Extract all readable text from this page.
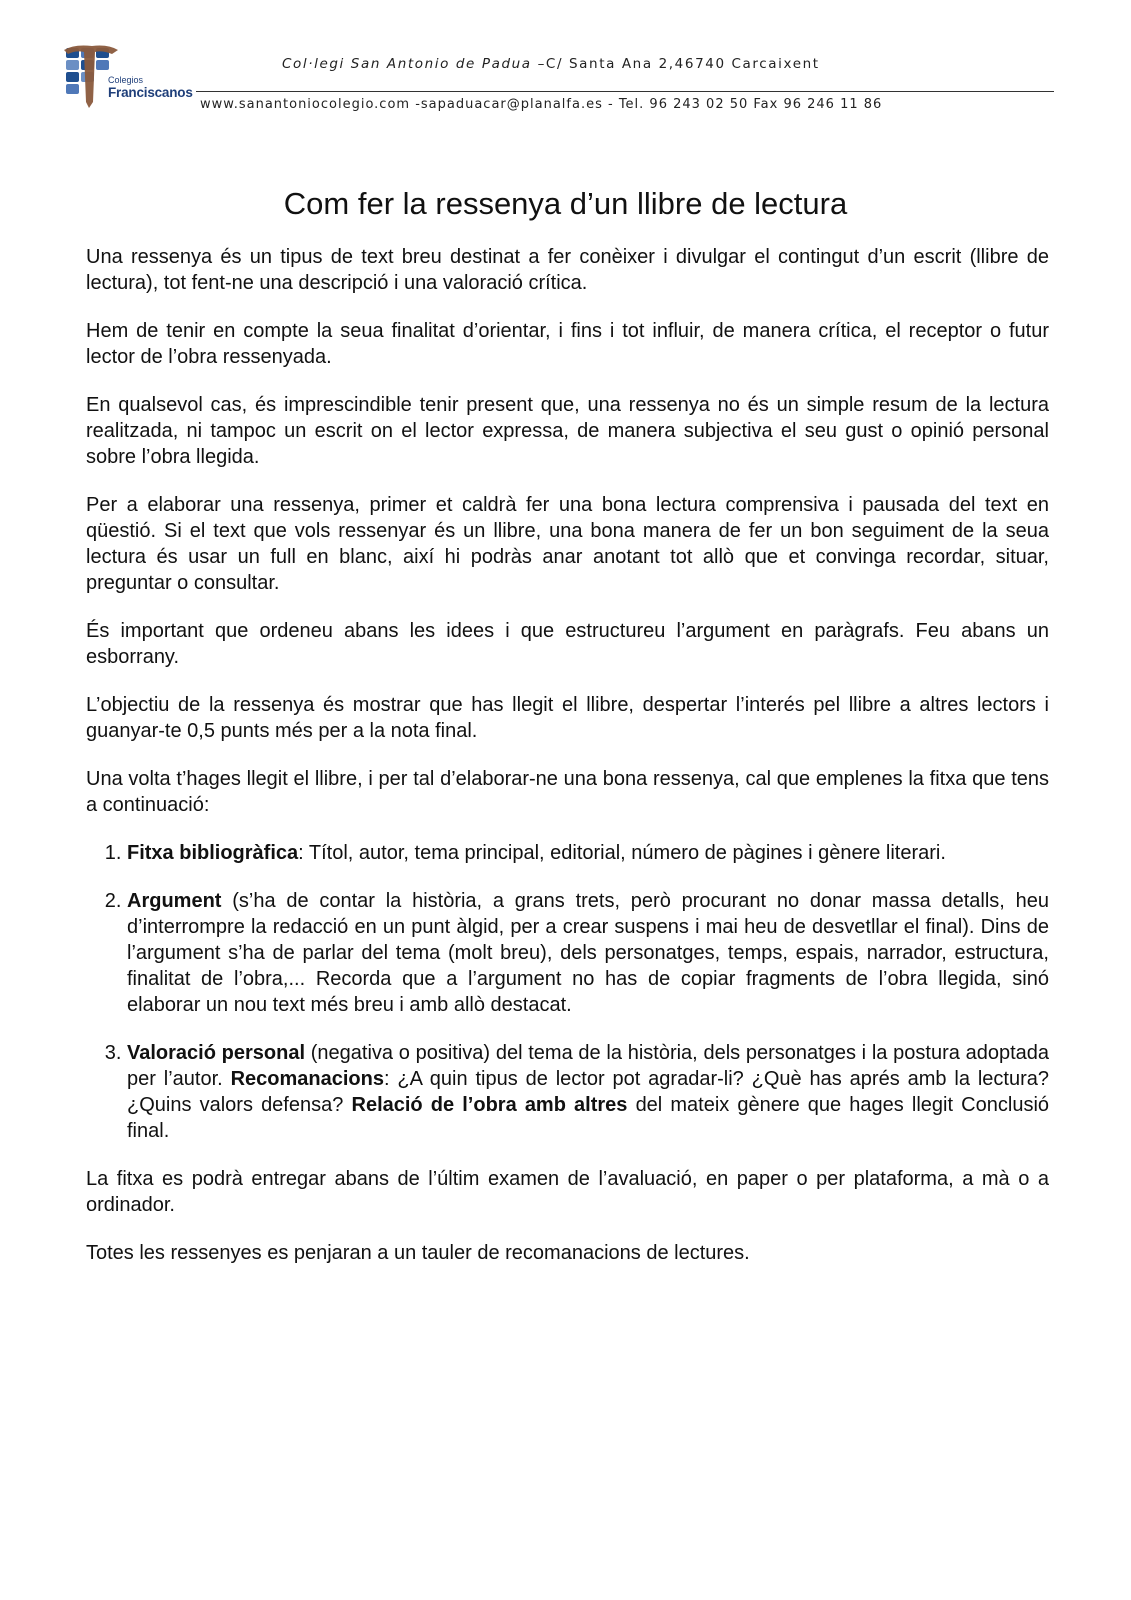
Colegios
Franciscanos
Col·legi San Antonio de Padua –C/ Santa Ana 2,46740 Carcaixent
www.sanantoniocolegio.com -sapaduacar@planalfa.es - Tel. 96 243 02 50 Fax 96 246 11 86
Com fer la ressenya d’un llibre de lectura

Una ressenya és un tipus de text breu destinat a fer conèixer i divulgar el contingut d’un escrit (llibre de lectura), tot fent-ne una descripció i una valoració crítica.

Hem de tenir en compte la seua finalitat d’orientar, i fins i tot influir, de manera crítica, el receptor o futur lector de l’obra ressenyada.

En qualsevol cas, és imprescindible tenir present que, una ressenya no és un simple resum de la lectura realitzada, ni tampoc un escrit on el lector expressa, de manera subjectiva el seu gust o opinió personal sobre l’obra llegida.

Per a elaborar una ressenya, primer et caldrà fer una bona lectura comprensiva i pausada del text en qüestió. Si el text que vols ressenyar és un llibre, una bona manera de fer un bon seguiment de la seua lectura és usar un full en blanc, així hi podràs anar anotant tot allò que et convinga recordar, situar, preguntar o consultar.

És important que ordeneu abans les idees i que estructureu l’argument en paràgrafs. Feu abans un esborrany.

L’objectiu de la ressenya és mostrar que has llegit el llibre, despertar l’interés pel llibre a altres lectors i guanyar-te 0,5 punts més per a la nota final.

Una volta t’hages llegit el llibre, i per tal d’elaborar-ne una bona ressenya, cal que emplenes la fitxa que tens a continuació:

1. Fitxa bibliogràfica: Títol, autor, tema principal, editorial, número de pàgines i gènere literari.
2. Argument (s’ha de contar la història, a grans trets, però procurant no donar massa detalls, heu d’interrompre la redacció en un punt àlgid, per a crear suspens i mai heu de desvetllar el final). Dins de l’argument s’ha de parlar del tema (molt breu), dels personatges, temps, espais, narrador, estructura, finalitat de l’obra,... Recorda que a l’argument no has de copiar fragments de l’obra llegida, sinó elaborar un nou text més breu i amb allò destacat.
3. Valoració personal (negativa o positiva) del tema de la història, dels personatges i la postura adoptada per l’autor. Recomanacions: ¿A quin tipus de lector pot agradar-li? ¿Què has aprés amb la lectura? ¿Quins valors defensa? Relació de l’obra amb altres del mateix gènere que hages llegit Conclusió final.

La fitxa es podrà entregar abans de l’últim examen de l’avaluació, en paper o per plataforma, a mà o a ordinador.

Totes les ressenyes es penjaran a un tauler de recomanacions de lectures.
